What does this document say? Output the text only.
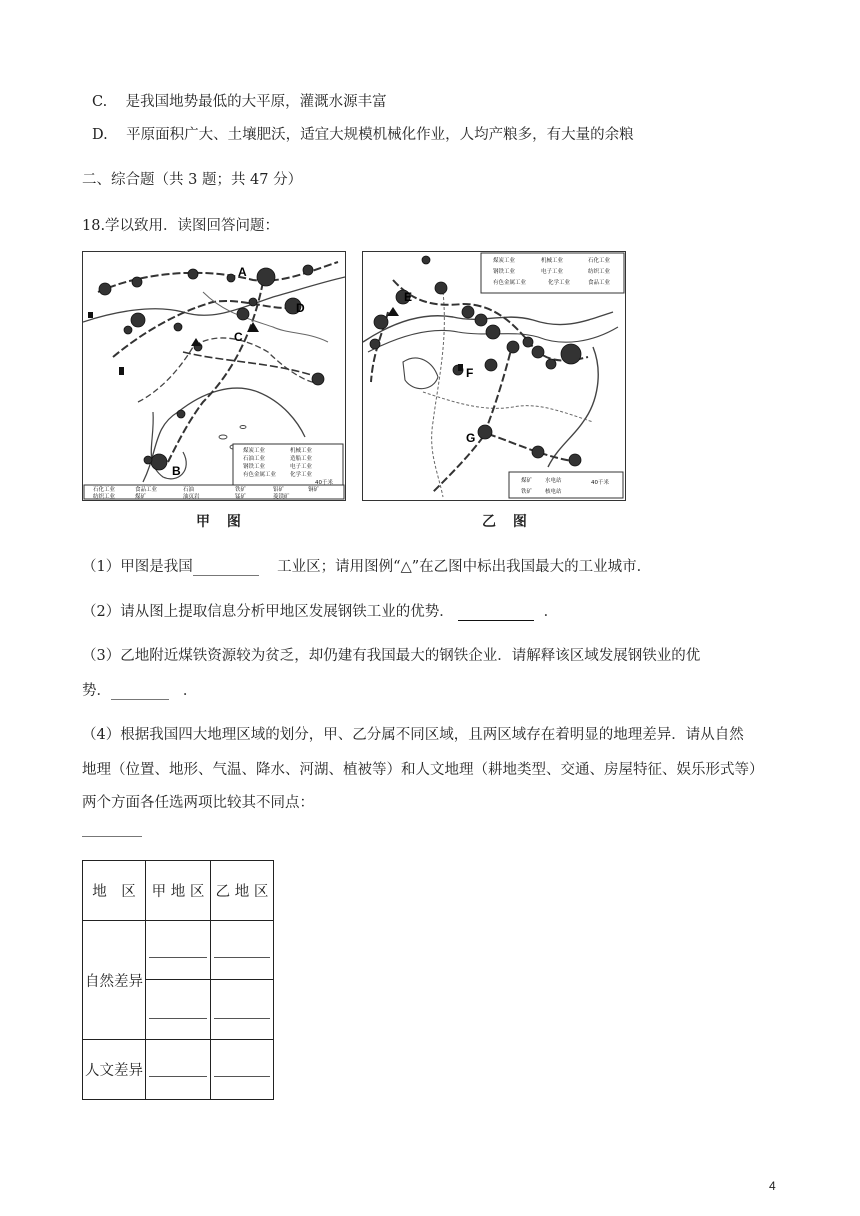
C. 是我国地势最低的大平原，灌溉水源丰富
D. 平原面积广大、土壤肥沃，适宜大规模机械化作业，人均产粮多，有大量的余粮
二、综合题（共 3 题；共 47 分）
18.学以致用．读图回答问题：
A
B
C
D
煤炭工业	机械工业
石油工业	造船工业
钢铁工业	电子工业
有色金属工业	化学工业
石化工业	食品工业	石油	铁矿	铝矿	铜矿
纺织工业	煤矿	油页岩	锰矿	菱镁矿
40千米
甲 图
煤炭工业	机械工业	石化工业
钢铁工业	电子工业	纺织工业
有色金属工业	化学工业	食品工业
E
F
G
煤矿 水电站
铁矿 核电站
40千米
乙 图
（1）甲图是我国	工业区；请用图例“△”在乙图中标出我国最大的工业城市．
（2）请从图上提取信息分析甲地区发展钢铁工业的优势．	．
（3）乙地附近煤铁资源较为贫乏，却仍建有我国最大的钢铁企业．请解释该区域发展钢铁业的优
势．	．
（4）根据我国四大地理区域的划分，甲、乙分属不同区域，且两区域存在着明显的地理差异．请从自然
地理（位置、地形、气温、降水、河湖、植被等）和人文地理（耕地类型、交通、房屋特征、娱乐形式等）
两个方面各任选两项比较其不同点：
地　区	甲 地 区	乙 地 区
自然差异	

人文差异	

4
